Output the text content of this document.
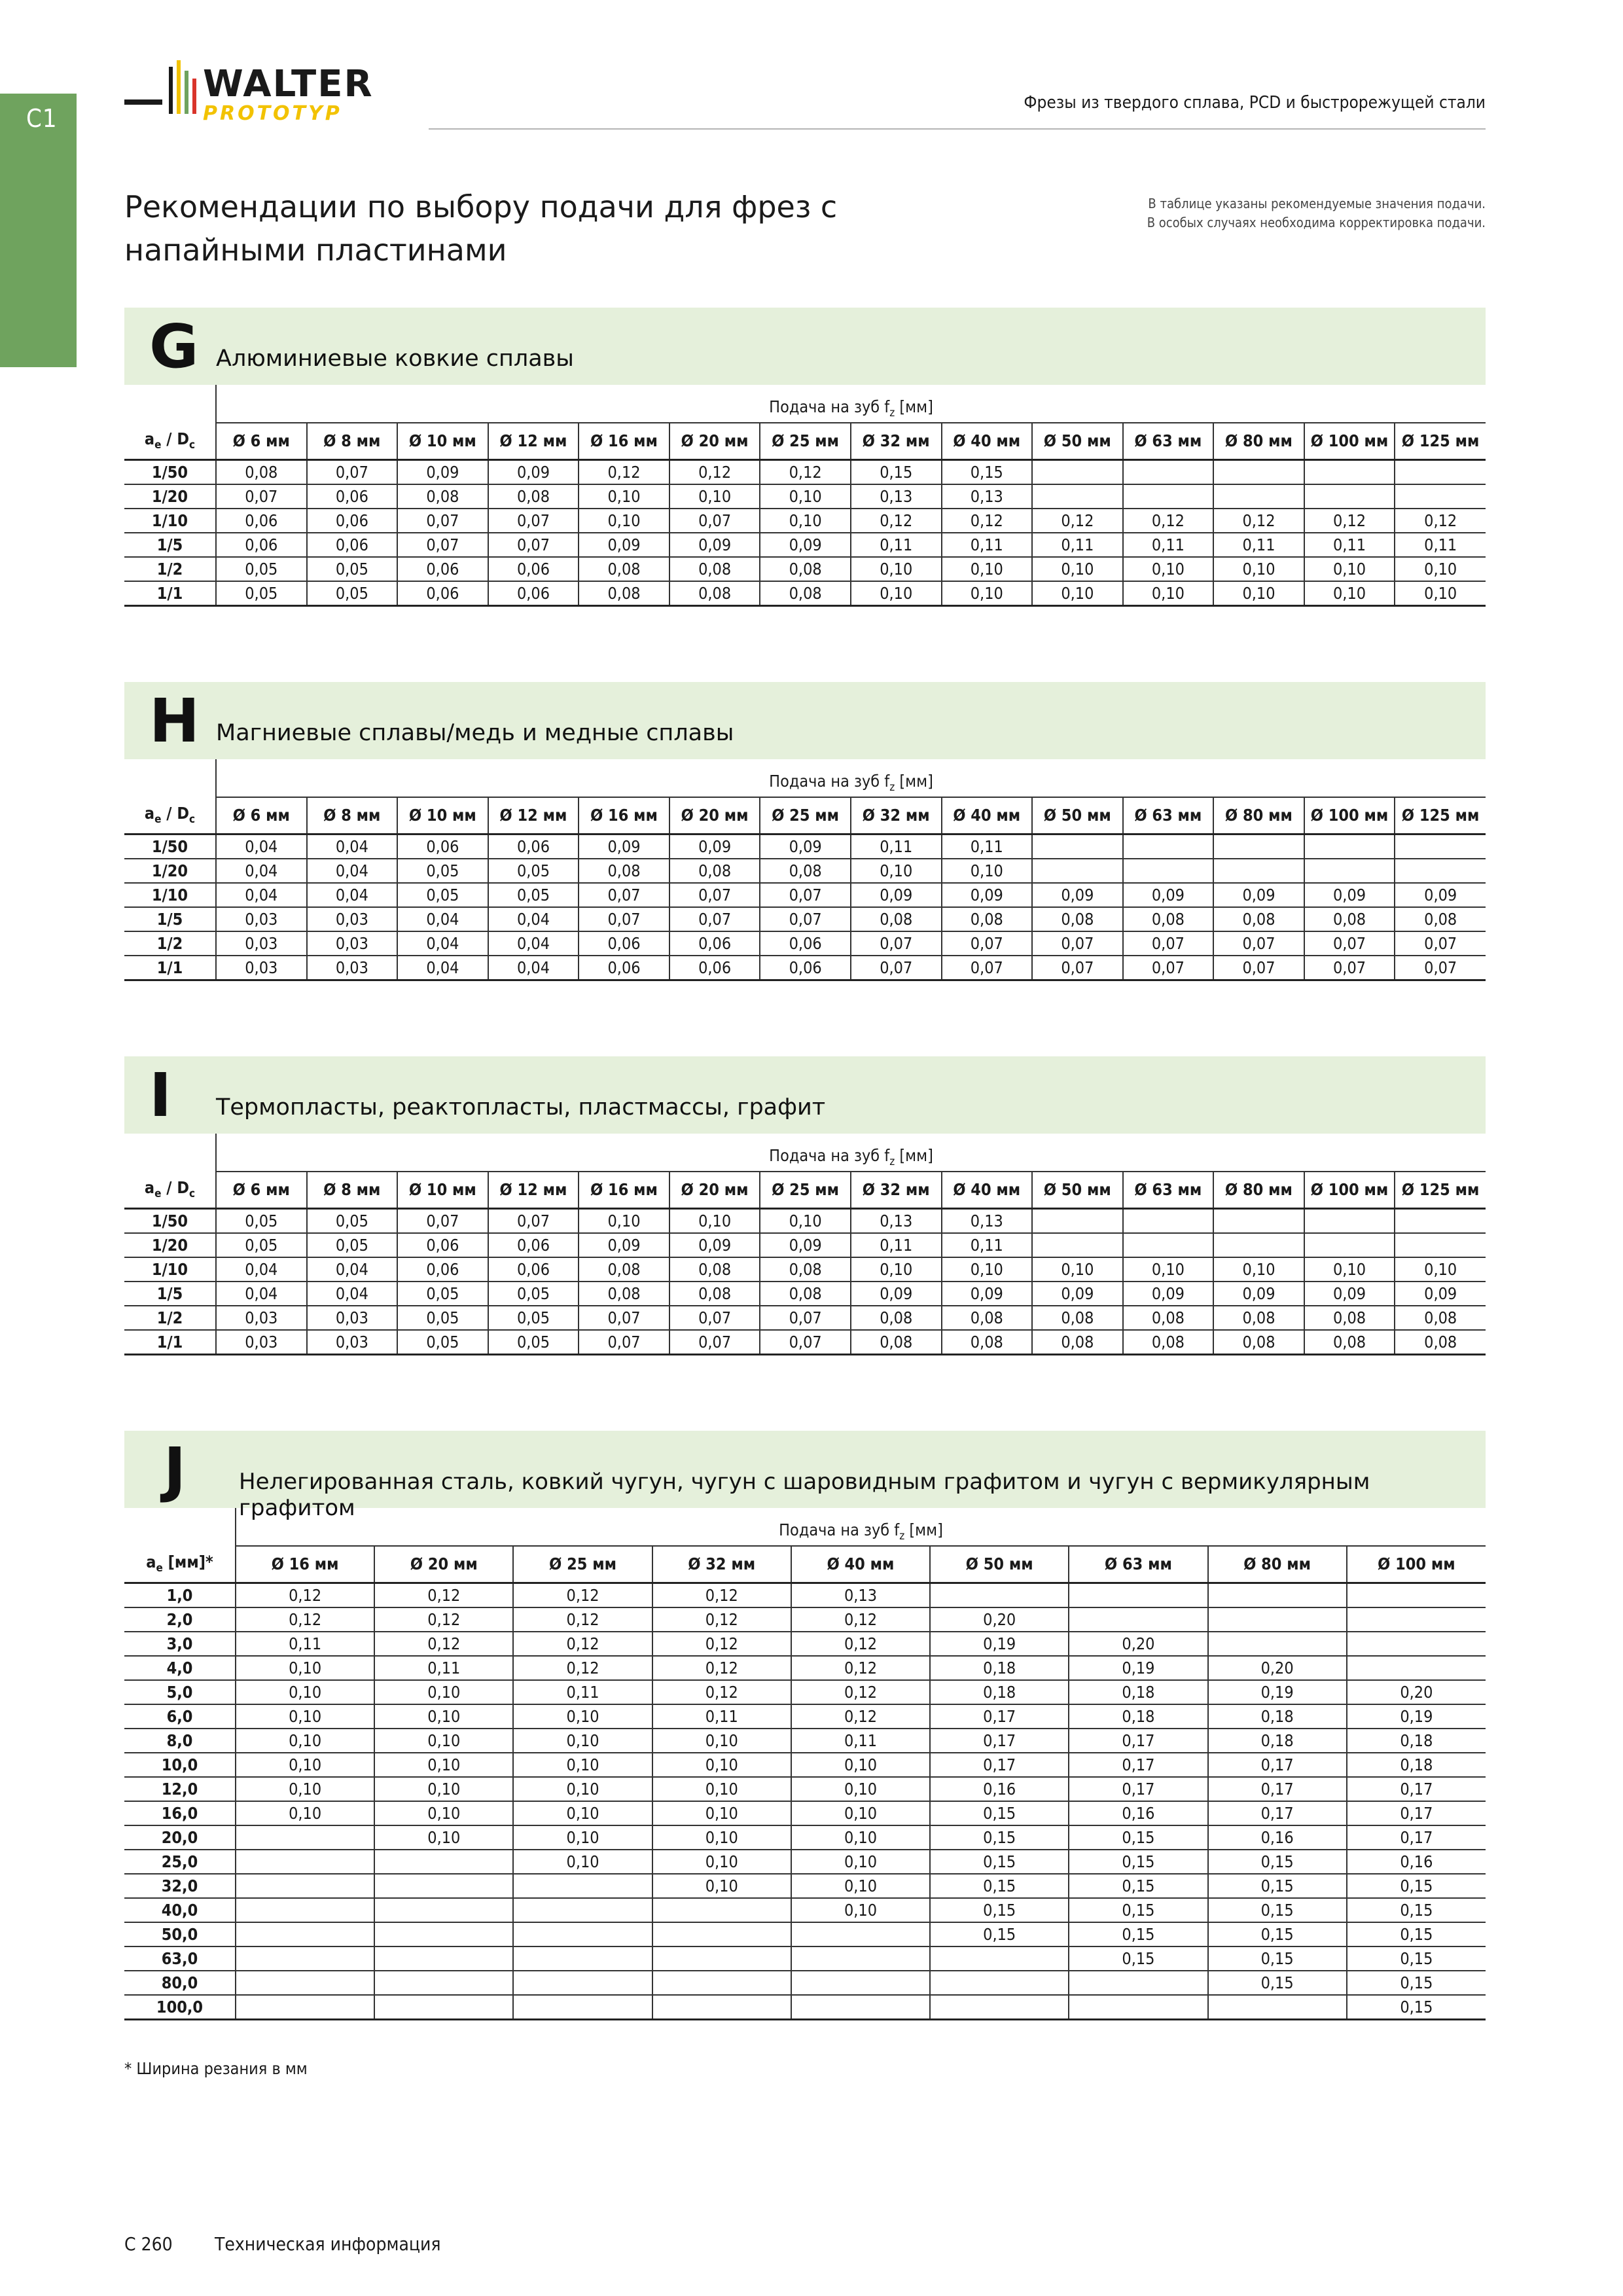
C1
WALTER
PROTOTYP	Фрезы из твердого сплава, PCD и быстрорежущей стали
Рекомендации по выбору подачи для фрез с напайными пластинами
В таблице указаны рекомендуемые значения подачи.
В особых случаях необходима корректировка подачи.
G Алюминиевые ковкие сплавы
	Подача на зуб $f_z$ [мм]													
$a_e / D_c$	Ø 6 мм	Ø 8 мм	Ø 10 мм	Ø 12 мм	Ø 16 мм	Ø 20 мм	Ø 25 мм	Ø 32 мм	Ø 40 мм	Ø 50 мм	Ø 63 мм	Ø 80 мм	Ø 100 мм	Ø 125 мм
1/50	0,08	0,07	0,09	0,09	0,12	0,12	0,12	0,15	0,15					
1/20	0,07	0,06	0,08	0,08	0,10	0,10	0,10	0,13	0,13					
1/10	0,06	0,06	0,07	0,07	0,10	0,07	0,10	0,12	0,12	0,12	0,12	0,12	0,12	0,12
1/5	0,06	0,06	0,07	0,07	0,09	0,09	0,09	0,11	0,11	0,11	0,11	0,11	0,11	0,11
1/2	0,05	0,05	0,06	0,06	0,08	0,08	0,08	0,10	0,10	0,10	0,10	0,10	0,10	0,10
1/1	0,05	0,05	0,06	0,06	0,08	0,08	0,08	0,10	0,10	0,10	0,10	0,10	0,10	0,10
H Магниевые сплавы/медь и медные сплавы
	Подача на зуб $f_z$ [мм]													
$a_e / D_c$	Ø 6 мм	Ø 8 мм	Ø 10 мм	Ø 12 мм	Ø 16 мм	Ø 20 мм	Ø 25 мм	Ø 32 мм	Ø 40 мм	Ø 50 мм	Ø 63 мм	Ø 80 мм	Ø 100 мм	Ø 125 мм
1/50	0,04	0,04	0,06	0,06	0,09	0,09	0,09	0,11	0,11					
1/20	0,04	0,04	0,05	0,05	0,08	0,08	0,08	0,10	0,10					
1/10	0,04	0,04	0,05	0,05	0,07	0,07	0,07	0,09	0,09	0,09	0,09	0,09	0,09	0,09
1/5	0,03	0,03	0,04	0,04	0,07	0,07	0,07	0,08	0,08	0,08	0,08	0,08	0,08	0,08
1/2	0,03	0,03	0,04	0,04	0,06	0,06	0,06	0,07	0,07	0,07	0,07	0,07	0,07	0,07
1/1	0,03	0,03	0,04	0,04	0,06	0,06	0,06	0,07	0,07	0,07	0,07	0,07	0,07	0,07
I Термопласты, реактопласты, пластмассы, графит
	Подача на зуб $f_z$ [мм]													
$a_e / D_c$	Ø 6 мм	Ø 8 мм	Ø 10 мм	Ø 12 мм	Ø 16 мм	Ø 20 мм	Ø 25 мм	Ø 32 мм	Ø 40 мм	Ø 50 мм	Ø 63 мм	Ø 80 мм	Ø 100 мм	Ø 125 мм
1/50	0,05	0,05	0,07	0,07	0,10	0,10	0,10	0,13	0,13					
1/20	0,05	0,05	0,06	0,06	0,09	0,09	0,09	0,11	0,11					
1/10	0,04	0,04	0,06	0,06	0,08	0,08	0,08	0,10	0,10	0,10	0,10	0,10	0,10	0,10
1/5	0,04	0,04	0,05	0,05	0,08	0,08	0,08	0,09	0,09	0,09	0,09	0,09	0,09	0,09
1/2	0,03	0,03	0,05	0,05	0,07	0,07	0,07	0,08	0,08	0,08	0,08	0,08	0,08	0,08
1/1	0,03	0,03	0,05	0,05	0,07	0,07	0,07	0,08	0,08	0,08	0,08	0,08	0,08	0,08
J Нелегированная сталь, ковкий чугун, чугун с шаровидным графитом и чугун с вермикулярным графитом
	Подача на зуб $f_z$ [мм]								
$a_e$ [мм]*	Ø 16 мм	Ø 20 мм	Ø 25 мм	Ø 32 мм	Ø 40 мм	Ø 50 мм	Ø 63 мм	Ø 80 мм	Ø 100 мм
1,0	0,12	0,12	0,12	0,12	0,13				
2,0	0,12	0,12	0,12	0,12	0,12	0,20			
3,0	0,11	0,12	0,12	0,12	0,12	0,19	0,20		
4,0	0,10	0,11	0,12	0,12	0,12	0,18	0,19	0,20	
5,0	0,10	0,10	0,11	0,12	0,12	0,18	0,18	0,19	0,20
6,0	0,10	0,10	0,10	0,11	0,12	0,17	0,18	0,18	0,19
8,0	0,10	0,10	0,10	0,10	0,11	0,17	0,17	0,18	0,18
10,0	0,10	0,10	0,10	0,10	0,10	0,17	0,17	0,17	0,18
12,0	0,10	0,10	0,10	0,10	0,10	0,16	0,17	0,17	0,17
16,0	0,10	0,10	0,10	0,10	0,10	0,15	0,16	0,17	0,17
20,0		0,10	0,10	0,10	0,10	0,15	0,15	0,16	0,17
25,0			0,10	0,10	0,10	0,15	0,15	0,15	0,16
32,0				0,10	0,10	0,15	0,15	0,15	0,15
40,0					0,10	0,15	0,15	0,15	0,15
50,0						0,15	0,15	0,15	0,15
63,0							0,15	0,15	0,15
80,0								0,15	0,15
100,0									0,15
* Ширина резания в мм
C 260 Техническая информация
